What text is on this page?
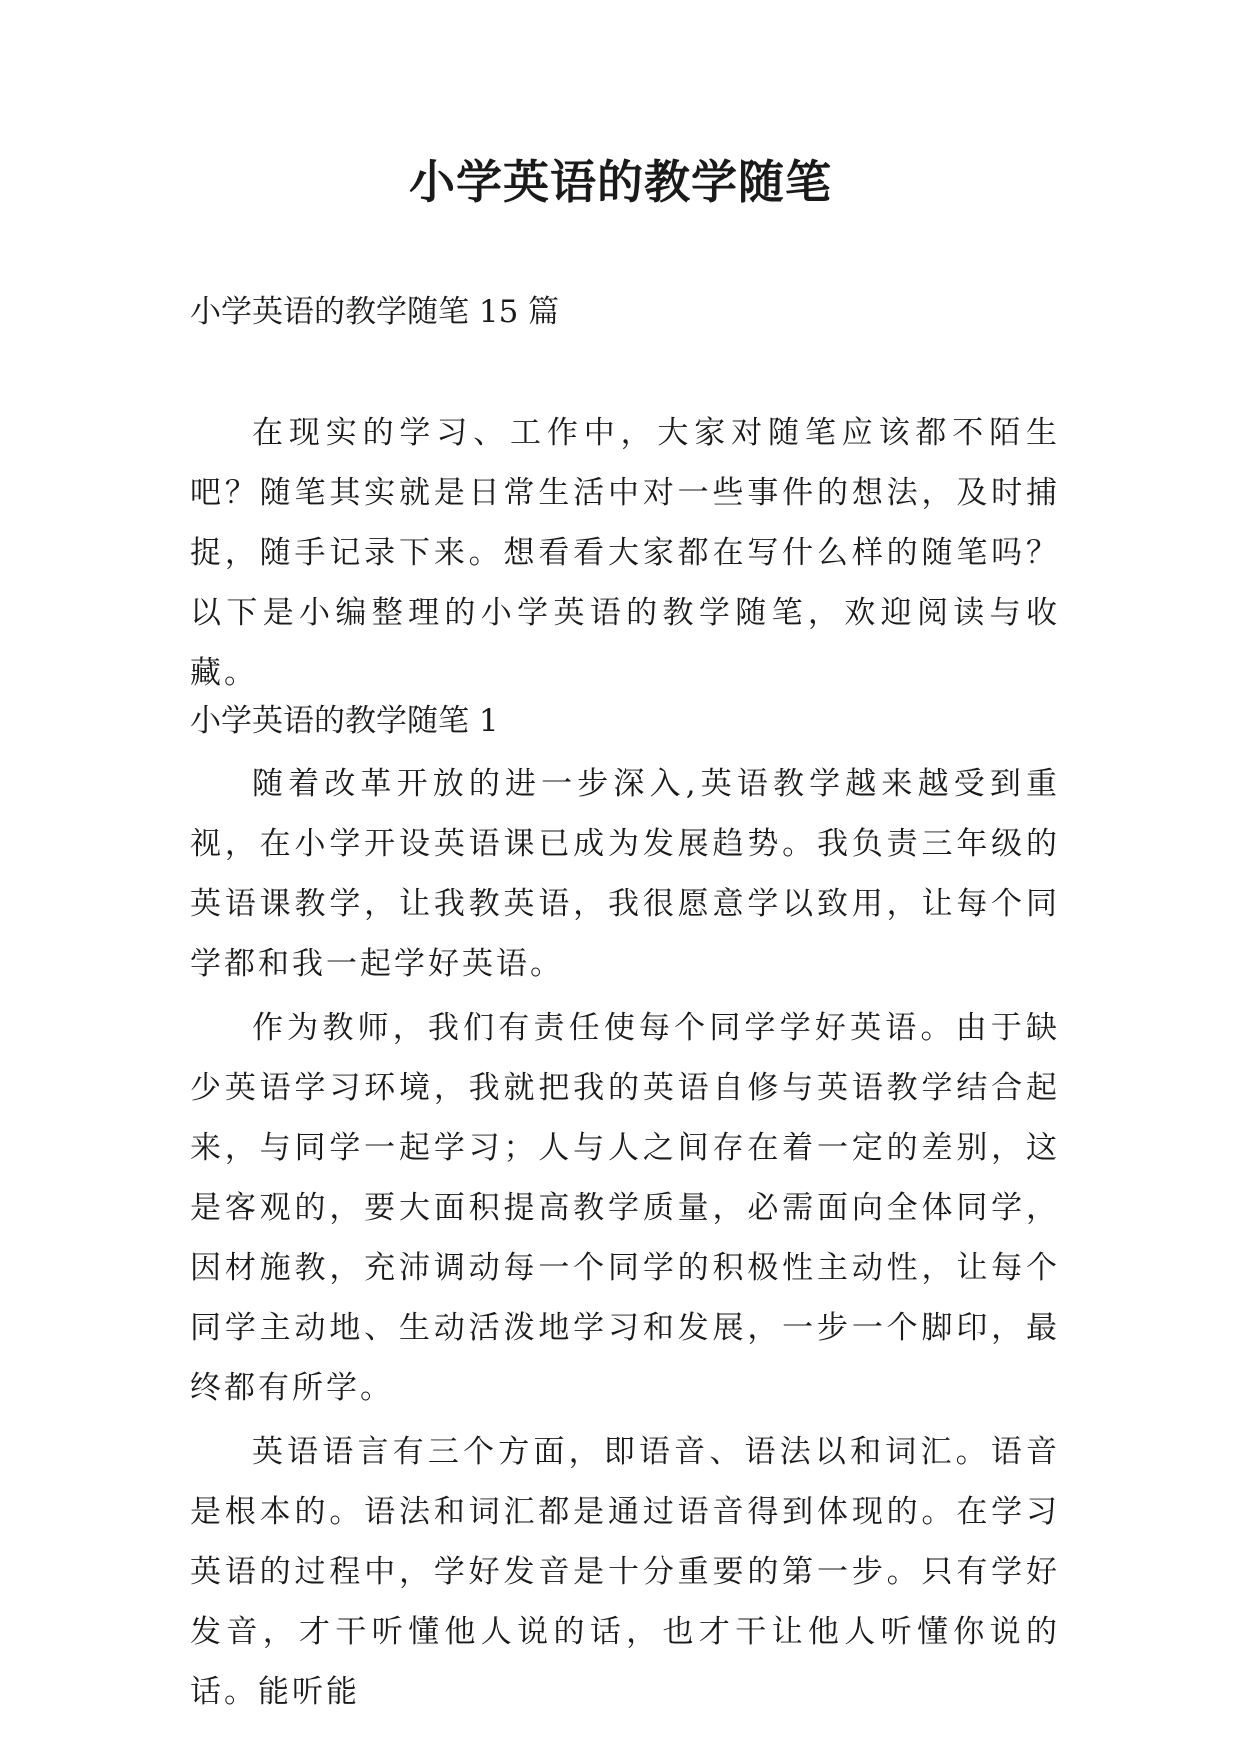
小学英语的教学随笔

小学英语的教学随笔 15 篇

在现实的学习、工作中，大家对随笔应该都不陌生吧？随笔其实就是日常生活中对一些事件的想法，及时捕捉，随手记录下来。想看看大家都在写什么样的随笔吗？以下是小编整理的小学英语的教学随笔，欢迎阅读与收藏。

小学英语的教学随笔 1

随着改革开放的进一步深入,英语教学越来越受到重视，在小学开设英语课已成为发展趋势。我负责三年级的英语课教学，让我教英语，我很愿意学以致用，让每个同学都和我一起学好英语。

作为教师，我们有责任使每个同学学好英语。由于缺少英语学习环境，我就把我的英语自修与英语教学结合起来，与同学一起学习；人与人之间存在着一定的差别，这是客观的，要大面积提高教学质量，必需面向全体同学，因材施教，充沛调动每一个同学的积极性主动性，让每个同学主动地、生动活泼地学习和发展，一步一个脚印，最终都有所学。

英语语言有三个方面，即语音、语法以和词汇。语音是根本的。语法和词汇都是通过语音得到体现的。在学习英语的过程中，学好发音是十分重要的第一步。只有学好发音，才干听懂他人说的话，也才干让他人听懂你说的话。能听能
